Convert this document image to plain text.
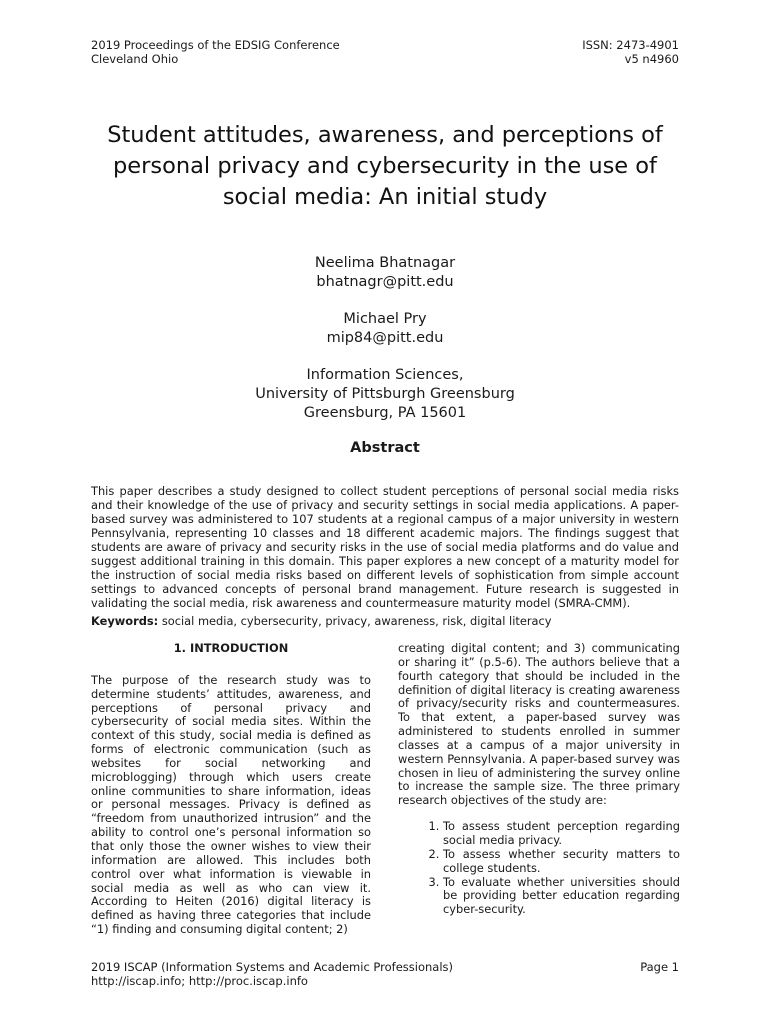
2019 Proceedings of the EDSIG Conference
Cleveland Ohio
ISSN: 2473-4901
v5 n4960
Student attitudes, awareness, and perceptions of
personal privacy and cybersecurity in the use of
social media: An initial study
Neelima Bhatnagar
bhatnagr@pitt.edu
Michael Pry
mip84@pitt.edu
Information Sciences,
University of Pittsburgh Greensburg
Greensburg, PA 15601
Abstract

This paper describes a study designed to collect student perceptions of personal social media risks and their knowledge of the use of privacy and security settings in social media applications. A paper-based survey was administered to 107 students at a regional campus of a major university in western Pennsylvania, representing 10 classes and 18 different academic majors. The findings suggest that students are aware of privacy and security risks in the use of social media platforms and do value and suggest additional training in this domain. This paper explores a new concept of a maturity model for the instruction of social media risks based on different levels of sophistication from simple account settings to advanced concepts of personal brand management. Future research is suggested in validating the social media, risk awareness and countermeasure maturity model (SMRA-CMM).

Keywords: social media, cybersecurity, privacy, awareness, risk, digital literacy
1. INTRODUCTION

The purpose of the research study was to determine students’ attitudes, awareness, and perceptions of personal privacy and cybersecurity of social media sites. Within the context of this study, social media is defined as forms of electronic communication (such as websites for social networking and microblogging) through which users create online communities to share information, ideas or personal messages. Privacy is defined as “freedom from unauthorized intrusion” and the ability to control one’s personal information so that only those the owner wishes to view their information are allowed. This includes both control over what information is viewable in social media as well as who can view it. According to Heiten (2016) digital literacy is defined as having three categories that include “1) finding and consuming digital content; 2)

creating digital content; and 3) communicating or sharing it” (p.5-6). The authors believe that a fourth category that should be included in the definition of digital literacy is creating awareness of privacy/security risks and countermeasures. To that extent, a paper-based survey was administered to students enrolled in summer classes at a campus of a major university in western Pennsylvania. A paper-based survey was chosen in lieu of administering the survey online to increase the sample size. The three primary research objectives of the study are:

1. To assess student perception regarding social media privacy.
2. To assess whether security matters to college students.
3. To evaluate whether universities should be providing better education regarding cyber-security.
2019 ISCAP (Information Systems and Academic Professionals)
http://iscap.info; http://proc.iscap.info
Page 1
